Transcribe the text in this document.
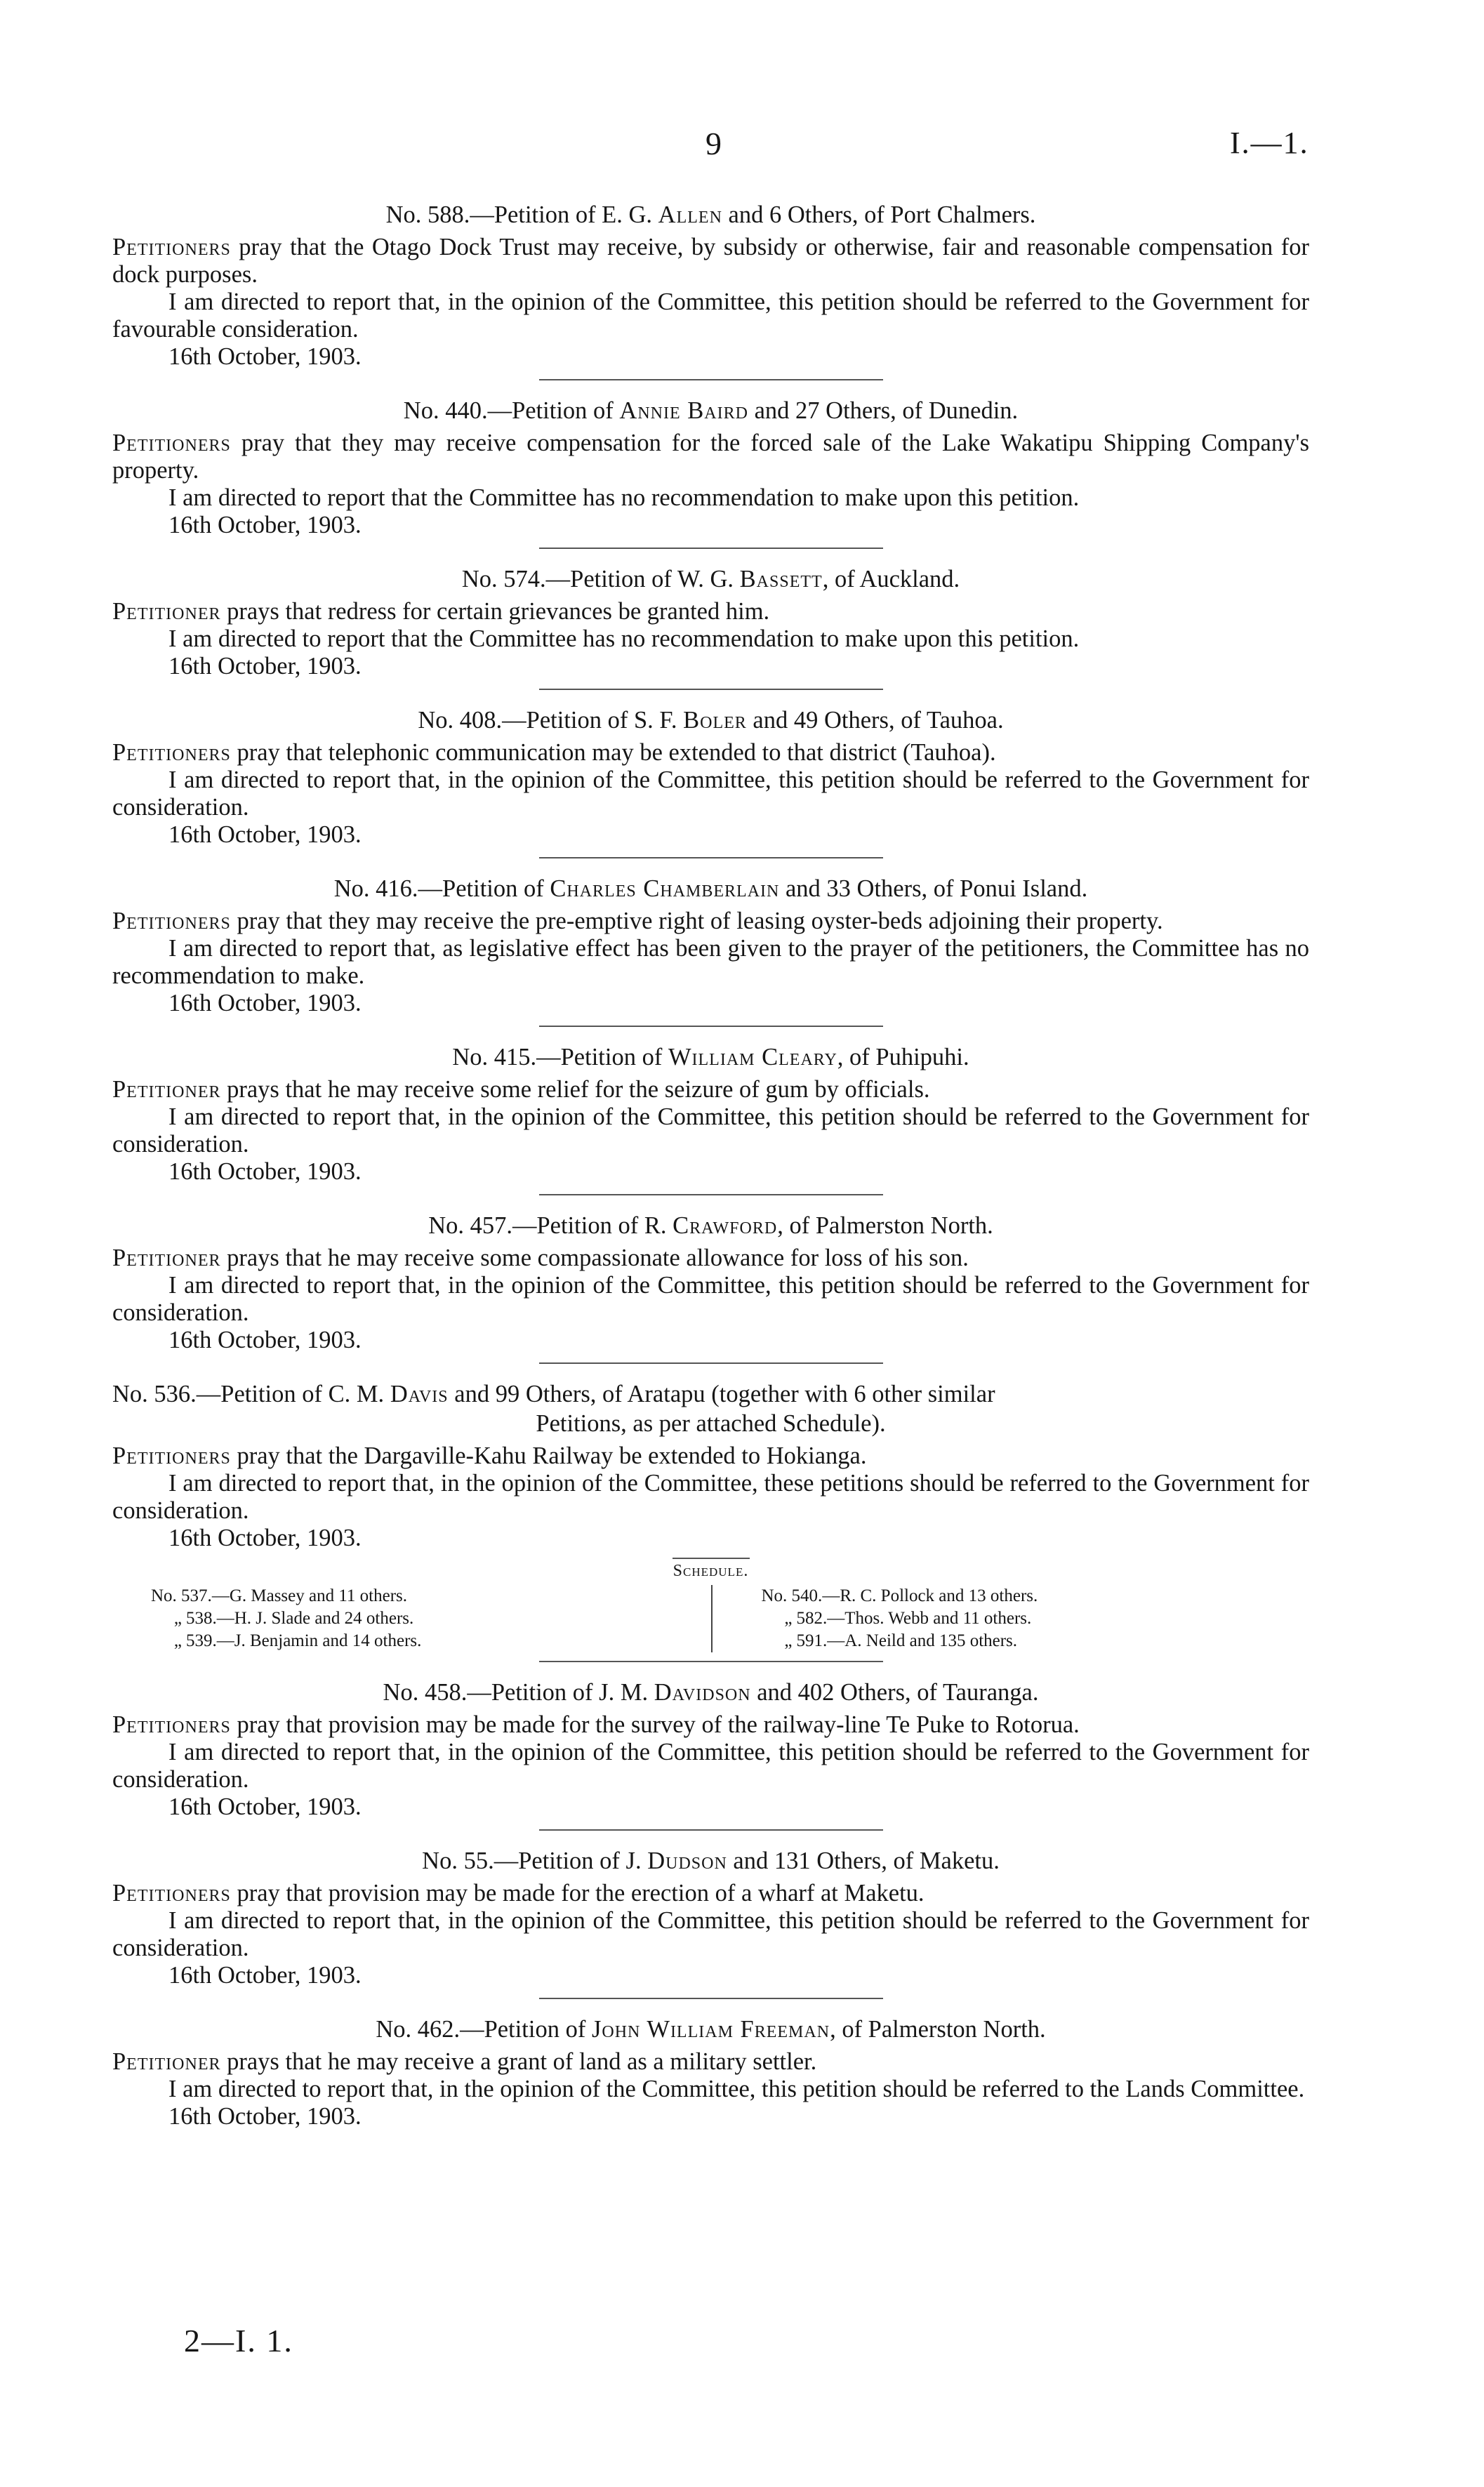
9	I.—1.
No. 588.—Petition of E. G. Allen and 6 Others, of Port Chalmers.

Petitioners pray that the Otago Dock Trust may receive, by subsidy or otherwise, fair and reasonable compensation for dock purposes.

I am directed to report that, in the opinion of the Committee, this petition should be referred to the Government for favourable consideration.

16th October, 1903.

No. 440.—Petition of Annie Baird and 27 Others, of Dunedin.

Petitioners pray that they may receive compensation for the forced sale of the Lake Wakatipu Shipping Company's property.

I am directed to report that the Committee has no recommendation to make upon this petition.

16th October, 1903.

No. 574.—Petition of W. G. Bassett, of Auckland.

Petitioner prays that redress for certain grievances be granted him.

I am directed to report that the Committee has no recommendation to make upon this petition.

16th October, 1903.

No. 408.—Petition of S. F. Boler and 49 Others, of Tauhoa.

Petitioners pray that telephonic communication may be extended to that district (Tauhoa).

I am directed to report that, in the opinion of the Committee, this petition should be referred to the Government for consideration.

16th October, 1903.

No. 416.—Petition of Charles Chamberlain and 33 Others, of Ponui Island.

Petitioners pray that they may receive the pre-emptive right of leasing oyster-beds adjoining their property.

I am directed to report that, as legislative effect has been given to the prayer of the petitioners, the Committee has no recommendation to make.

16th October, 1903.

No. 415.—Petition of William Cleary, of Puhipuhi.

Petitioner prays that he may receive some relief for the seizure of gum by officials.

I am directed to report that, in the opinion of the Committee, this petition should be referred to the Government for consideration.

16th October, 1903.

No. 457.—Petition of R. Crawford, of Palmerston North.

Petitioner prays that he may receive some compassionate allowance for loss of his son.

I am directed to report that, in the opinion of the Committee, this petition should be referred to the Government for consideration.

16th October, 1903.

No. 536.—Petition of C. M. Davis and 99 Others, of Aratapu (together with 6 other similar
Petitions, as per attached Schedule).

Petitioners pray that the Dargaville-Kahu Railway be extended to Hokianga.

I am directed to report that, in the opinion of the Committee, these petitions should be referred to the Government for consideration.

16th October, 1903.

Schedule.
No. 537.—G. Massey and 11 others.
„ 538.—H. J. Slade and 24 others.
„ 539.—J. Benjamin and 14 others.
No. 540.—R. C. Pollock and 13 others.
„ 582.—Thos. Webb and 11 others.
„ 591.—A. Neild and 135 others.
No. 458.—Petition of J. M. Davidson and 402 Others, of Tauranga.

Petitioners pray that provision may be made for the survey of the railway-line Te Puke to Rotorua.

I am directed to report that, in the opinion of the Committee, this petition should be referred to the Government for consideration.

16th October, 1903.

No. 55.—Petition of J. Dudson and 131 Others, of Maketu.

Petitioners pray that provision may be made for the erection of a wharf at Maketu.

I am directed to report that, in the opinion of the Committee, this petition should be referred to the Government for consideration.

16th October, 1903.

No. 462.—Petition of John William Freeman, of Palmerston North.

Petitioner prays that he may receive a grant of land as a military settler.

I am directed to report that, in the opinion of the Committee, this petition should be referred to the Lands Committee.

16th October, 1903.

2—I. 1.
